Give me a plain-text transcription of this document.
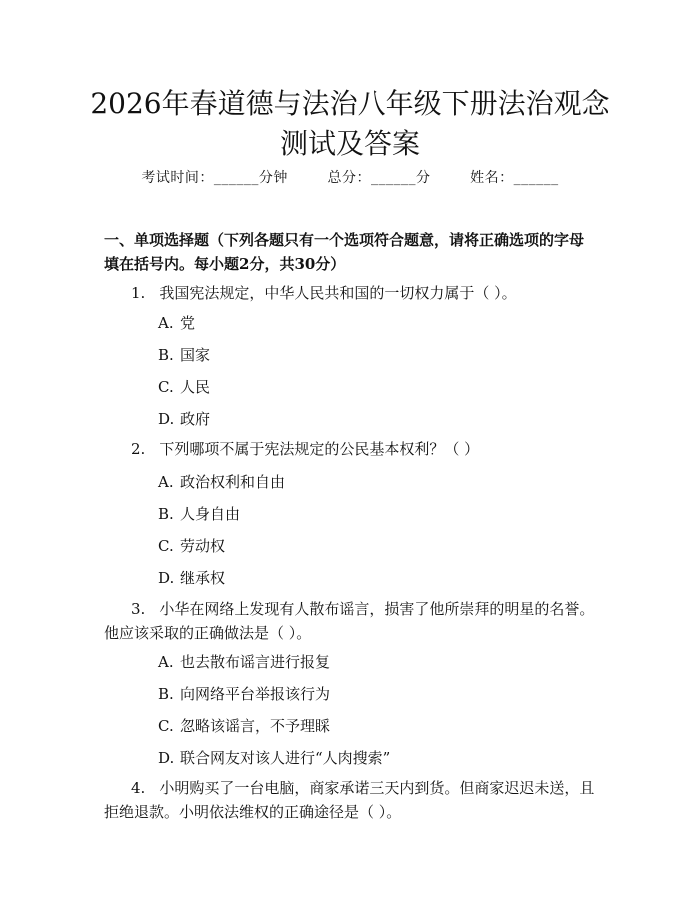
2026年春道德与法治八年级下册法治观念测试及答案
考试时间：______分钟	总分：______分	姓名：______

一、单项选择题（下列各题只有一个选项符合题意，请将正确选项的字母填在括号内。每小题2分，共30分）

1. 我国宪法规定，中华人民共和国的一切权力属于（ ）。

A. 党

B. 国家

C. 人民

D. 政府

2. 下列哪项不属于宪法规定的公民基本权利？（ ）

A. 政治权利和自由

B. 人身自由

C. 劳动权

D. 继承权

3. 小华在网络上发现有人散布谣言，损害了他所崇拜的明星的名誉。他应该采取的正确做法是（ ）。

A. 也去散布谣言进行报复

B. 向网络平台举报该行为

C. 忽略该谣言，不予理睬

D. 联合网友对该人进行“人肉搜索”

4. 小明购买了一台电脑，商家承诺三天内到货。但商家迟迟未送，且拒绝退款。小明依法维权的正确途径是（ ）。
